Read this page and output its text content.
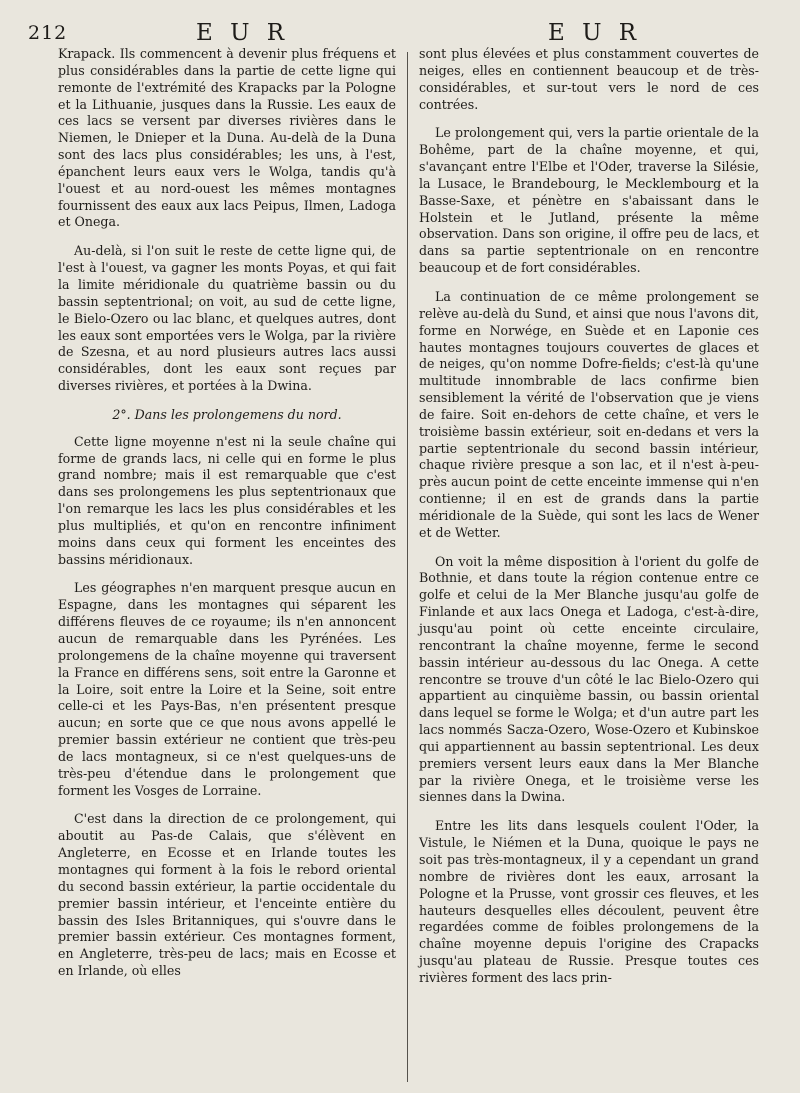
212	E U R	E U R

Krapack. Ils commencent à devenir plus fréquens et plus considérables dans la partie de cette ligne qui remonte de l'extrémité des Krapacks par la Pologne et la Lithuanie, jusques dans la Russie. Les eaux de ces lacs se versent par diverses rivières dans le Niemen, le Dnieper et la Duna. Au-delà de la Duna sont des lacs plus considérables; les uns, à l'est, épanchent leurs eaux vers le Wolga, tandis qu'à l'ouest et au nord-ouest les mêmes montagnes fournissent des eaux aux lacs Peipus, Ilmen, Ladoga et Onega.

Au-delà, si l'on suit le reste de cette ligne qui, de l'est à l'ouest, va gagner les monts Poyas, et qui fait la limite méridionale du quatrième bassin ou du bassin septentrional; on voit, au sud de cette ligne, le Bielo-Ozero ou lac blanc, et quelques autres, dont les eaux sont emportées vers le Wolga, par la rivière de Szesna, et au nord plusieurs autres lacs aussi considérables, dont les eaux sont reçues par diverses rivières, et portées à la Dwina.

2°. Dans les prolongemens du nord.

Cette ligne moyenne n'est ni la seule chaîne qui forme de grands lacs, ni celle qui en forme le plus grand nombre; mais il est remarquable que c'est dans ses prolongemens les plus septentrionaux que l'on remarque les lacs les plus considérables et les plus multipliés, et qu'on en rencontre infiniment moins dans ceux qui forment les enceintes des bassins méridionaux.

Les géographes n'en marquent presque aucun en Espagne, dans les montagnes qui séparent les différens fleuves de ce royaume; ils n'en annoncent aucun de remarquable dans les Pyrénées. Les prolongemens de la chaîne moyenne qui traversent la France en différens sens, soit entre la Garonne et la Loire, soit entre la Loire et la Seine, soit entre celle-ci et les Pays-Bas, n'en présentent presque aucun; en sorte que ce que nous avons appellé le premier bassin extérieur ne contient que très-peu de lacs montagneux, si ce n'est quelques-uns de très-peu d'étendue dans le prolongement que forment les Vosges de Lorraine.

C'est dans la direction de ce prolongement, qui aboutit au Pas-de Calais, que s'élèvent en Angleterre, en Ecosse et en Irlande toutes les montagnes qui forment à la fois le rebord oriental du second bassin extérieur, la partie occidentale du premier bassin intérieur, et l'enceinte entière du bassin des Isles Britanniques, qui s'ouvre dans le premier bassin extérieur. Ces montagnes forment, en Angleterre, très-peu de lacs; mais en Ecosse et en Irlande, où elles

sont plus élevées et plus constamment couvertes de neiges, elles en contiennent beaucoup et de très-considérables, et sur-tout vers le nord de ces contrées.

Le prolongement qui, vers la partie orientale de la Bohême, part de la chaîne moyenne, et qui, s'avançant entre l'Elbe et l'Oder, traverse la Silésie, la Lusace, le Brandebourg, le Mecklembourg et la Basse-Saxe, et pénètre en s'abaissant dans le Holstein et le Jutland, présente la même observation. Dans son origine, il offre peu de lacs, et dans sa partie septentrionale on en rencontre beaucoup et de fort considérables.

La continuation de ce même prolongement se relève au-delà du Sund, et ainsi que nous l'avons dit, forme en Norwége, en Suède et en Laponie ces hautes montagnes toujours couvertes de glaces et de neiges, qu'on nomme Dofre-fields; c'est-là qu'une multitude innombrable de lacs confirme bien sensiblement la vérité de l'observation que je viens de faire. Soit en-dehors de cette chaîne, et vers le troisième bassin extérieur, soit en-dedans et vers la partie septentrionale du second bassin intérieur, chaque rivière presque a son lac, et il n'est à-peu-près aucun point de cette enceinte immense qui n'en contienne; il en est de grands dans la partie méridionale de la Suède, qui sont les lacs de Wener et de Wetter.

On voit la même disposition à l'orient du golfe de Bothnie, et dans toute la région contenue entre ce golfe et celui de la Mer Blanche jusqu'au golfe de Finlande et aux lacs Onega et Ladoga, c'est-à-dire, jusqu'au point où cette enceinte circulaire, rencontrant la chaîne moyenne, ferme le second bassin intérieur au-dessous du lac Onega. A cette rencontre se trouve d'un côté le lac Bielo-Ozero qui appartient au cinquième bassin, ou bassin oriental dans lequel se forme le Wolga; et d'un autre part les lacs nommés Sacza-Ozero, Wose-Ozero et Kubinskoe qui appartiennent au bassin septentrional. Les deux premiers versent leurs eaux dans la Mer Blanche par la rivière Onega, et le troisième verse les siennes dans la Dwina.

Entre les lits dans lesquels coulent l'Oder, la Vistule, le Niémen et la Duna, quoique le pays ne soit pas très-montagneux, il y a cependant un grand nombre de rivières dont les eaux, arrosant la Pologne et la Prusse, vont grossir ces fleuves, et les hauteurs desquelles elles découlent, peuvent être regardées comme de foibles prolongemens de la chaîne moyenne depuis l'origine des Crapacks jusqu'au plateau de Russie. Presque toutes ces rivières forment des lacs prin-
